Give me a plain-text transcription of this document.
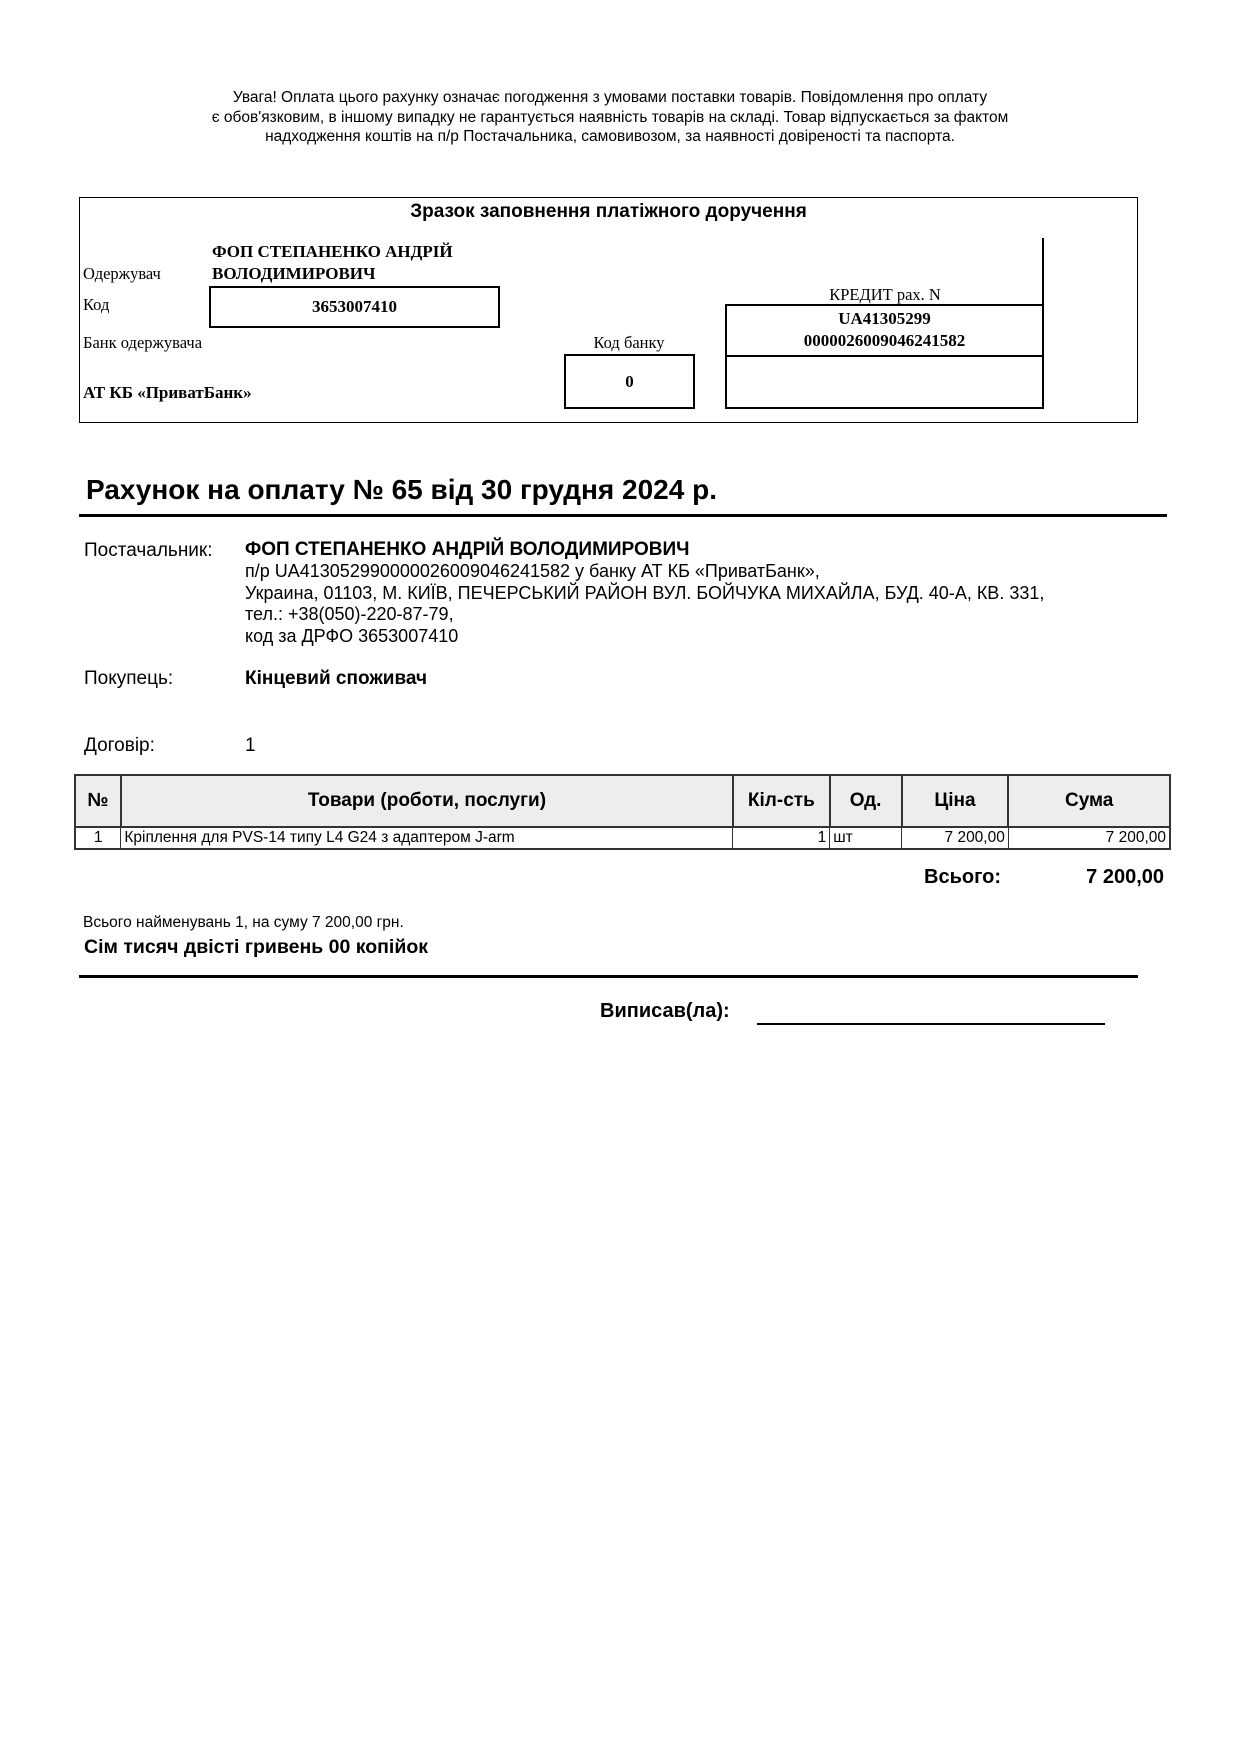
Увага! Оплата цього рахунку означає погодження з умовами поставки товарів. Повідомлення про оплату
є обов'язковим, в іншому випадку не гарантується наявність товарів на складі. Товар відпускається за фактом
надходження коштів на п/р Постачальника, самовивозом, за наявності довіреності та паспорта.
Зразок заповнення платіжного доручення
Одержувач
ФОП СТЕПАНЕНКО АНДРІЙ
ВОЛОДИМИРОВИЧ
Код	3653007410
КРЕДИТ рах. N
UA41305299
0000026009046241582
Банк одержувача	Код банку
0
АТ КБ «ПриватБанк»
Рахунок на оплату № 65 від 30 грудня 2024 р.
Постачальник: ФОП СТЕПАНЕНКО АНДРІЙ ВОЛОДИМИРОВИЧ
п/р UA413052990000026009046241582 у банку АТ КБ «ПриватБанк»,
Украина, 01103, М. КИЇВ, ПЕЧЕРСЬКИЙ РАЙОН ВУЛ. БОЙЧУКА МИХАЙЛА, БУД. 40-А, КВ. 331,
тел.: +38(050)-220-87-79,
код за ДРФО 3653007410
Покупець:	Кінцевий споживач
Договір:	1
№	Товари (роботи, послуги)	Кіл-сть	Од.	Ціна	Сума
1	Кріплення для PVS-14 типу L4 G24 з адаптером J-arm	1	шт	7 200,00	7 200,00
Всього:	7 200,00
Всього найменувань 1, на суму 7 200,00 грн.
Сім тисяч двісті гривень 00 копійок
Виписав(ла):
